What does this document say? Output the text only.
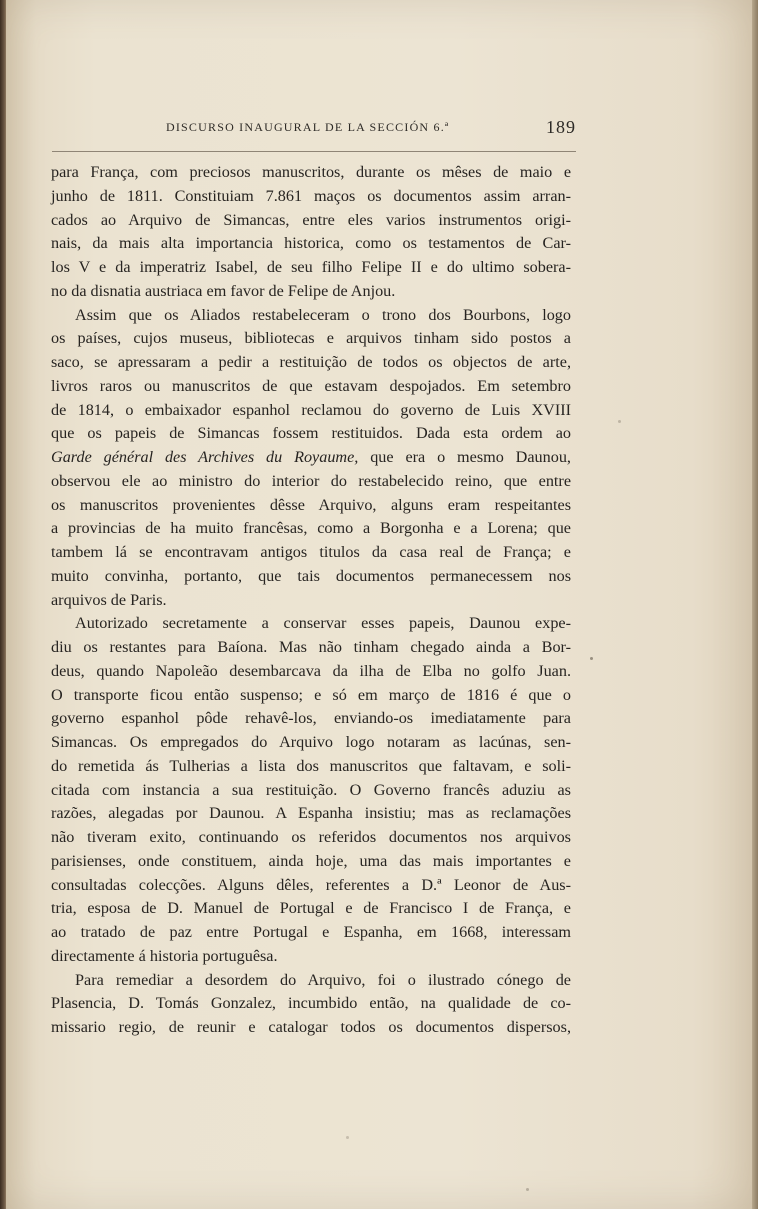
DISCURSO INAUGURAL DE LA SECCIÓN 6.ª	189
para França, com preciosos manuscritos, durante os mêses de maio e
junho de 1811. Constituiam 7.861 maços os documentos assim arran-
cados ao Arquivo de Simancas, entre eles varios instrumentos origi-
nais, da mais alta importancia historica, como os testamentos de Car-
los V e da imperatriz Isabel, de seu filho Felipe II e do ultimo sobera-
no da disnatia austriaca em favor de Felipe de Anjou.
Assim que os Aliados restabeleceram o trono dos Bourbons, logo
os países, cujos museus, bibliotecas e arquivos tinham sido postos a
saco, se apressaram a pedir a restituição de todos os objectos de arte,
livros raros ou manuscritos de que estavam despojados. Em setembro
de 1814, o embaixador espanhol reclamou do governo de Luis XVIII
que os papeis de Simancas fossem restituidos. Dada esta ordem ao
Garde général des Archives du Royaume, que era o mesmo Daunou,
observou ele ao ministro do interior do restabelecido reino, que entre
os manuscritos provenientes dêsse Arquivo, alguns eram respeitantes
a provincias de ha muito francêsas, como a Borgonha e a Lorena; que
tambem lá se encontravam antigos titulos da casa real de França; e
muito convinha, portanto, que tais documentos permanecessem nos
arquivos de Paris.
Autorizado secretamente a conservar esses papeis, Daunou expe-
diu os restantes para Baíona. Mas não tinham chegado ainda a Bor-
deus, quando Napoleão desembarcava da ilha de Elba no golfo Juan.
O transporte ficou então suspenso; e só em março de 1816 é que o
governo espanhol pôde rehavê-los, enviando-os imediatamente para
Simancas. Os empregados do Arquivo logo notaram as lacúnas, sen-
do remetida ás Tulherias a lista dos manuscritos que faltavam, e soli-
citada com instancia a sua restituição. O Governo francês aduziu as
razões, alegadas por Daunou. A Espanha insistiu; mas as reclamações
não tiveram exito, continuando os referidos documentos nos arquivos
parisienses, onde constituem, ainda hoje, uma das mais importantes e
consultadas colecções. Alguns dêles, referentes a D.ª Leonor de Aus-
tria, esposa de D. Manuel de Portugal e de Francisco I de França, e
ao tratado de paz entre Portugal e Espanha, em 1668, interessam
directamente á historia portuguêsa.
Para remediar a desordem do Arquivo, foi o ilustrado cónego de
Plasencia, D. Tomás Gonzalez, incumbido então, na qualidade de co-
missario regio, de reunir e catalogar todos os documentos dispersos,
